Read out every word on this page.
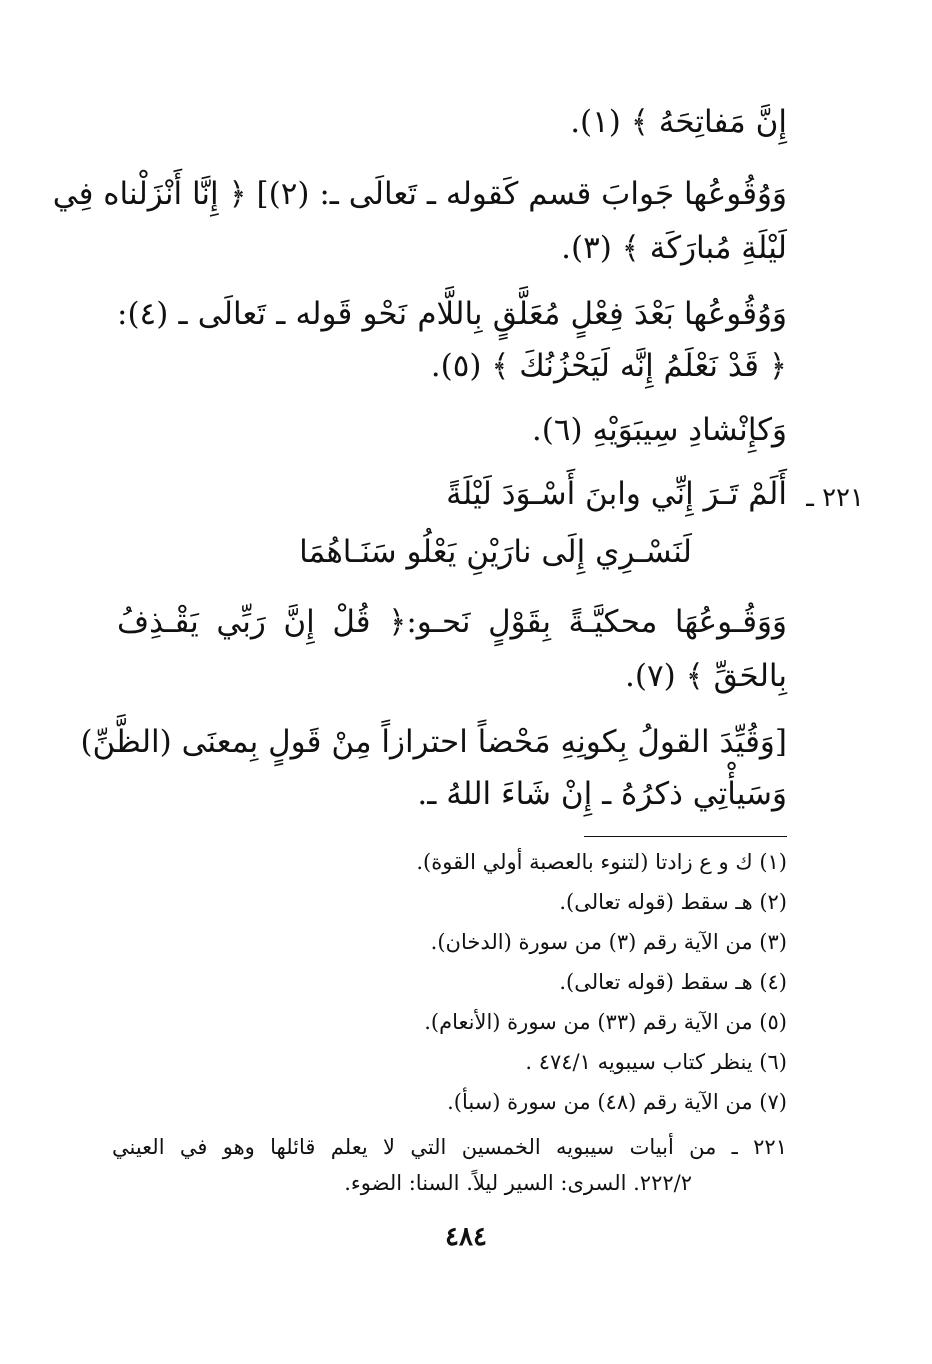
إِنَّ مَفاتِحَهُ ﴾ (١).

وَوُقُوعُها جَوابَ قسم كَقوله ـ تَعالَى ـ: (٢)] ﴿ إِنَّا أَنْزَلْناه فِي

لَيْلَةِ مُبارَكَة ﴾ (٣).

وَوُقُوعُها بَعْدَ فِعْلٍ مُعَلَّقٍ بِاللَّام نَحْو قَوله ـ تَعالَى ـ (٤):

﴿ قَدْ نَعْلَمُ إِنَّه لَيَحْزُنُكَ ﴾ (٥).

وَكإِنْشادِ سِيبَوَيْهِ (٦).

٢٢١ ـ

أَلَمْ تَـرَ إِنِّي وابنَ أَسْـوَدَ لَيْلَةً

لَنَسْـرِي إِلَى نارَيْنِ يَعْلُو سَنَـاهُمَا

وَوَقُـوعُهَا محكيَّـةً بِقَوْلٍ نَحـو:﴿ قُلْ إِنَّ رَبِّي يَقْـذِفُ

بِالحَقِّ ﴾ (٧).

[وَقُيِّدَ القولُ بِكونِهِ مَحْضاً احترازاً مِنْ قَولٍ بِمعنَى (الظَّنِّ)

وَسَيأْتِي ذكرُهُ ـ إِنْ شَاءَ اللهُ ـ.

(١) ك و ع زادتا (لتنوء بالعصبة أولي القوة).
(٢) هـ سقط (قوله تعالى).
(٣) من الآية رقم (٣) من سورة (الدخان).
(٤) هـ سقط (قوله تعالى).
(٥) من الآية رقم (٣٣) من سورة (الأنعام).
(٦) ينظر كتاب سيبويه ٤٧٤/١ .
(٧) من الآية رقم (٤٨) من سورة (سبأ).
٢٢١ ـ من أبيات سيبويه الخمسين التي لا يعلم قائلها وهو في العيني
٢٢٢/٢. السرى: السير ليلاً. السنا: الضوء.
٤٨٤
